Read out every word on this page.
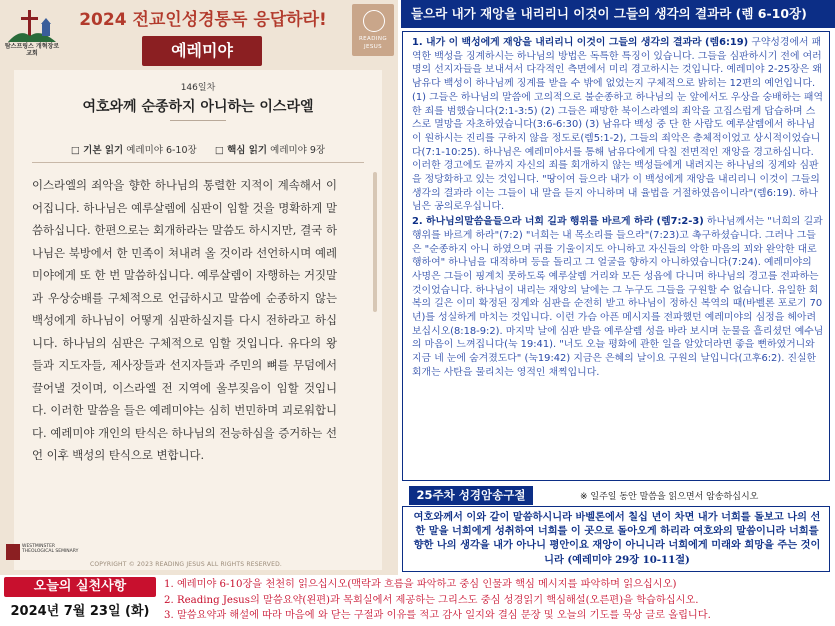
탐스프링스 개혁장로교회
2024 전교인성경통독 응답하라!
예레미야
READING
JESUS
146일차
여호와께 순종하지 아니하는 이스라엘
□ 기본 읽기 예레미야 6-10장 □ 핵심 읽기 예레미야 9장
이스라엘의 죄악을 향한 하나님의 통렬한 지적이 계속해서 이어집니다. 하나님은 예루살렘에 심판이 임할 것을 명확하게 말씀하십니다. 한편으로는 회개하라는 말씀도 하시지만, 결국 하나님은 북방에서 한 민족이 쳐내려 올 것이라 선언하시며 예레미야에게 또 한 번 말씀하십니다. 예루살렘이 자행하는 거짓말과 우상숭배를 구체적으로 언급하시고 말씀에 순종하지 않는 백성에게 하나님이 어떻게 심판하실지를 다시 전하라고 하십니다. 하나님의 심판은 구체적으로 임할 것입니다. 유다의 왕들과 지도자들, 제사장들과 선지자들과 주민의 뼈를 무덤에서 끌어낼 것이며, 이스라엘 전 지역에 울부짖음이 임할 것입니다. 이러한 말씀을 들은 예레미야는 심히 번민하며 괴로워합니다. 예레미야 개인의 탄식은 하나님의 전능하심을 증거하는 선언 이후 백성의 탄식으로 변합니다.
WESTMINSTER THEOLOGICAL SEMINARY
COPYRIGHT © 2023 READING JESUS ALL RIGHTS RESERVED.
들으라 내가 재앙을 내리리니 이것이 그들의 생각의 결과라 (렘 6-10장)

1. 내가 이 백성에게 재앙을 내리리니 이것이 그들의 생각의 결과라 (렘6:19) 구약성경에서 패역한 백성을 징계하시는 하나님의 방법은 독특한 특징이 있습니다. 그들을 심판하시기 전에 여러 명의 선지자들을 보내셔서 다각적인 측면에서 미리 경고하시는 것입니다. 예레미야 2-25장은 왜 남유다 백성이 하나님께 징계를 받을 수 밖에 없었는지 구체적으로 밝히는 12편의 예언입니다. (1) 그들은 하나님의 말씀에 고의적으로 불순종하고 하나님의 눈 앞에서도 우상을 숭배하는 패역한 죄를 범했습니다(2:1-3:5) (2) 그들은 패망한 북이스라엘의 죄악을 고집스럽게 답습하며 스스로 멸망을 자초하였습니다(3:6-6:30) (3) 남유다 백성 중 단 한 사람도 예루살렘에서 하나님이 원하시는 진리를 구하지 않을 정도로(렘5:1-2), 그들의 죄악은 총체적이었고 상시적이었습니다(7:1-10:25). 하나님은 예레미야서를 통해 남유다에게 닥칠 전면적인 재앙을 경고하십니다. 이러한 경고에도 끝까지 자신의 죄를 회개하지 않는 백성들에게 내려지는 하나님의 징계와 심판을 정당화하고 있는 것입니다. "땅이여 들으라 내가 이 백성에게 재앙을 내리리니 이것이 그들의 생각의 결과라 이는 그들이 내 말을 듣지 아니하며 내 율법을 거절하였음이니라"(렘6:19). 하나님은 공의로우십니다.

2. 하나님의말씀을들으라 너희 길과 행위를 바르게 하라 (렘7:2-3) 하나님께서는 "너희의 길과 행위를 바르게 하라"(7:2) "너희는 내 목소리를 들으라"(7:23)고 촉구하셨습니다. 그러나 그들은 "순종하지 아니 하였으며 귀를 기울이지도 아니하고 자신들의 악한 마음의 꾀와 완악한 대로 행하여" 하나님을 대적하며 등을 돌리고 그 얼굴을 향하지 아니하였습니다(7:24). 예레미야의 사명은 그들이 핑계치 못하도록 예루살렘 거리와 모든 성읍에 다니며 하나님의 경고를 전파하는 것이었습니다. 하나님이 내리는 재앙의 날에는 그 누구도 그들을 구원할 수 없습니다. 유일한 회복의 길은 이미 확정된 징계와 심판을 순전히 받고 하나님이 정하신 복역의 때(바벨론 포로기 70년)를 성실하게 마치는 것입니다. 이런 가슴 아픈 메시지를 전파했던 예레미야의 심정을 헤아려 보십시오(8:18-9:2). 마지막 날에 심판 받을 예루살렘 성을 바라 보시며 눈물을 흘리셨던 예수님의 마음이 느껴집니다(눅 19:41). "너도 오늘 평화에 관한 일을 알았더라면 좋을 뻔하였거니와 지금 네 눈에 숨겨졌도다" (눅19:42) 지금은 은혜의 날이요 구원의 날입니다(고후6:2). 진실한 회개는 사탄을 물리치는 영적인 채찍입니다.

25주차 성경암송구절	※ 일주일 동안 말씀을 읽으면서 암송하십시오
여호와께서 이와 같이 말씀하시니라 바벨론에서 칠십 년이 차면 내가 너희를 돌보고 나의 선한 말을 너희에게 성취하여 너희를 이 곳으로 돌아오게 하리라 여호와의 말씀이니라 너희를 향한 나의 생각을 내가 아나니 평안이요 재앙이 아니니라 너희에게 미래와 희망을 주는 것이니라 (예레미야 29장 10-11절)
오늘의 실천사항
2024년 7월 23일 (화)
1. 예레미야 6-10장을 천천히 읽으십시오(맥락과 흐름을 파악하고 중심 인물과 핵심 메시지를 파악하며 읽으십시오)
2. Reading Jesus의 말씀요약(왼편)과 목회실에서 제공하는 그리스도 중심 성경읽기 핵심해설(오른편)을 학습하십시오.
3. 말씀요약과 해설에 따라 마음에 와 닫는 구절과 이유를 적고 감사 일지와 결심 문장 및 오늘의 기도를 묵상 글로 올립니다.
